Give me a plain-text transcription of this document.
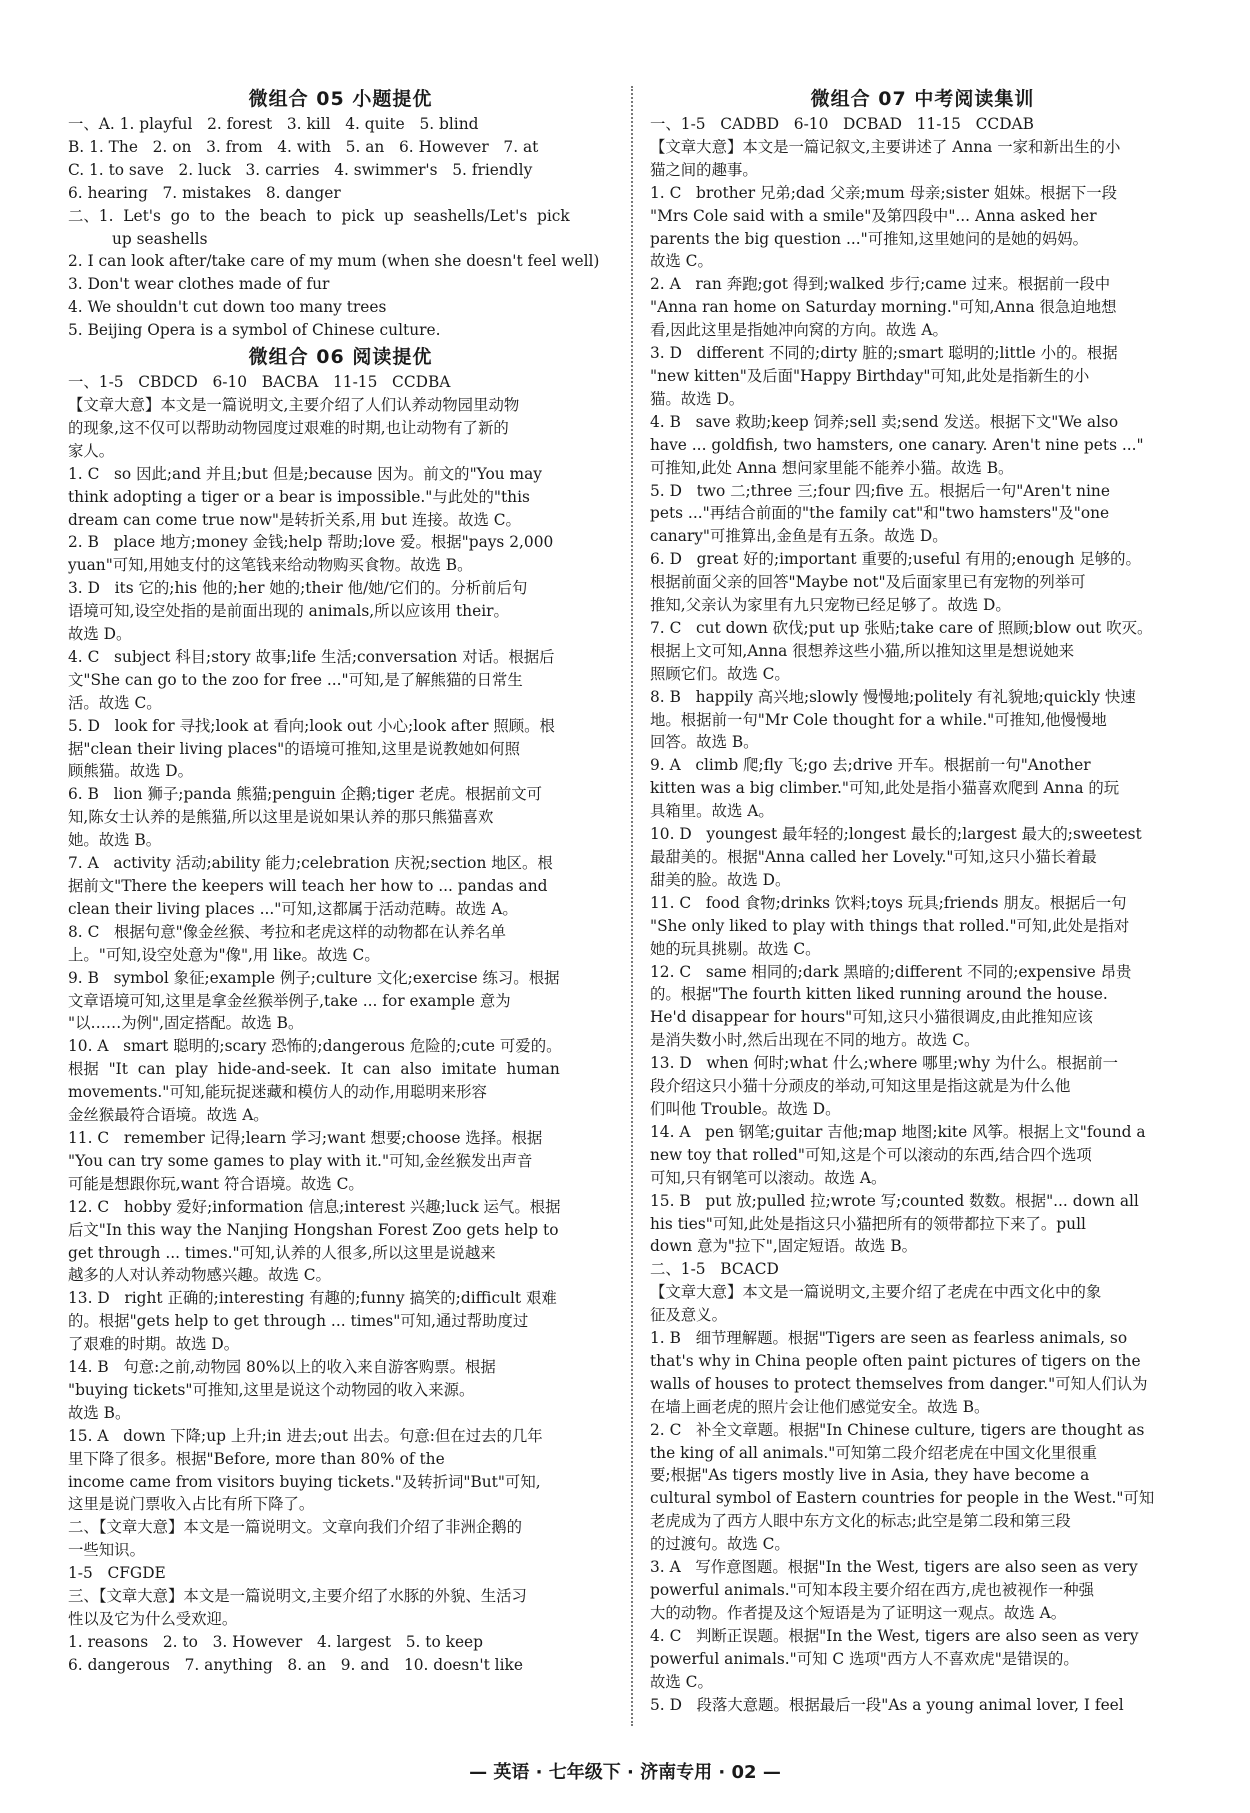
微组合 05 小题提优
一、A. 1. playful   2. forest   3. kill   4. quite   5. blind
B. 1. The   2. on   3. from   4. with   5. an   6. However   7. at
C. 1. to save   2. luck   3. carries   4. swimmer's   5. friendly
6. hearing   7. mistakes   8. danger
二、1.  Let's  go  to  the  beach  to  pick  up  seashells/Let's  pick
up seashells
2. I can look after/take care of my mum (when she doesn't feel well)
3. Don't wear clothes made of fur
4. We shouldn't cut down too many trees
5. Beijing Opera is a symbol of Chinese culture.
微组合 06 阅读提优
一、1-5   CBDCD   6-10   BACBA   11-15   CCDBA
【文章大意】本文是一篇说明文,主要介绍了人们认养动物园里动物
的现象,这不仅可以帮助动物园度过艰难的时期,也让动物有了新的
家人。
1. C   so 因此;and 并且;but 但是;because 因为。前文的"You may
think adopting a tiger or a bear is impossible."与此处的"this
dream can come true now"是转折关系,用 but 连接。故选 C。
2. B   place 地方;money 金钱;help 帮助;love 爱。根据"pays 2,000
yuan"可知,用她支付的这笔钱来给动物购买食物。故选 B。
3. D   its 它的;his 他的;her 她的;their 他/她/它们的。分析前后句
语境可知,设空处指的是前面出现的 animals,所以应该用 their。
故选 D。
4. C   subject 科目;story 故事;life 生活;conversation 对话。根据后
文"She can go to the zoo for free ..."可知,是了解熊猫的日常生
活。故选 C。
5. D   look for 寻找;look at 看向;look out 小心;look after 照顾。根
据"clean their living places"的语境可推知,这里是说教她如何照
顾熊猫。故选 D。
6. B   lion 狮子;panda 熊猫;penguin 企鹅;tiger 老虎。根据前文可
知,陈女士认养的是熊猫,所以这里是说如果认养的那只熊猫喜欢
她。故选 B。
7. A   activity 活动;ability 能力;celebration 庆祝;section 地区。根
据前文"There the keepers will teach her how to ... pandas and
clean their living places ..."可知,这都属于活动范畴。故选 A。
8. C   根据句意"像金丝猴、考拉和老虎这样的动物都在认养名单
上。"可知,设空处意为"像",用 like。故选 C。
9. B   symbol 象征;example 例子;culture 文化;exercise 练习。根据
文章语境可知,这里是拿金丝猴举例子,take ... for example 意为
"以……为例",固定搭配。故选 B。
10. A   smart 聪明的;scary 恐怖的;dangerous 危险的;cute 可爱的。
根据  "It  can  play  hide-and-seek.  It  can  also  imitate  human
movements."可知,能玩捉迷藏和模仿人的动作,用聪明来形容
金丝猴最符合语境。故选 A。
11. C   remember 记得;learn 学习;want 想要;choose 选择。根据
"You can try some games to play with it."可知,金丝猴发出声音
可能是想跟你玩,want 符合语境。故选 C。
12. C   hobby 爱好;information 信息;interest 兴趣;luck 运气。根据
后文"In this way the Nanjing Hongshan Forest Zoo gets help to
get through ... times."可知,认养的人很多,所以这里是说越来
越多的人对认养动物感兴趣。故选 C。
13. D   right 正确的;interesting 有趣的;funny 搞笑的;difficult 艰难
的。根据"gets help to get through ... times"可知,通过帮助度过
了艰难的时期。故选 D。
14. B   句意:之前,动物园 80%以上的收入来自游客购票。根据
"buying tickets"可推知,这里是说这个动物园的收入来源。
故选 B。
15. A   down 下降;up 上升;in 进去;out 出去。句意:但在过去的几年
里下降了很多。根据"Before, more than 80% of the
income came from visitors buying tickets."及转折词"But"可知,
这里是说门票收入占比有所下降了。
二、【文章大意】本文是一篇说明文。文章向我们介绍了非洲企鹅的
一些知识。
1-5   CFGDE
三、【文章大意】本文是一篇说明文,主要介绍了水豚的外貌、生活习
性以及它为什么受欢迎。
1. reasons   2. to   3. However   4. largest   5. to keep
6. dangerous   7. anything   8. an   9. and   10. doesn't like
微组合 07 中考阅读集训
一、1-5   CADBD   6-10   DCBAD   11-15   CCDAB
【文章大意】本文是一篇记叙文,主要讲述了 Anna 一家和新出生的小
猫之间的趣事。
1. C   brother 兄弟;dad 父亲;mum 母亲;sister 姐妹。根据下一段
"Mrs Cole said with a smile"及第四段中"... Anna asked her
parents the big question ..."可推知,这里她问的是她的妈妈。
故选 C。
2. A   ran 奔跑;got 得到;walked 步行;came 过来。根据前一段中
"Anna ran home on Saturday morning."可知,Anna 很急迫地想
看,因此这里是指她冲向窝的方向。故选 A。
3. D   different 不同的;dirty 脏的;smart 聪明的;little 小的。根据
"new kitten"及后面"Happy Birthday"可知,此处是指新生的小
猫。故选 D。
4. B   save 救助;keep 饲养;sell 卖;send 发送。根据下文"We also
have ... goldfish, two hamsters, one canary. Aren't nine pets ..."
可推知,此处 Anna 想问家里能不能养小猫。故选 B。
5. D   two 二;three 三;four 四;five 五。根据后一句"Aren't nine
pets ..."再结合前面的"the family cat"和"two hamsters"及"one
canary"可推算出,金鱼是有五条。故选 D。
6. D   great 好的;important 重要的;useful 有用的;enough 足够的。
根据前面父亲的回答"Maybe not"及后面家里已有宠物的列举可
推知,父亲认为家里有九只宠物已经足够了。故选 D。
7. C   cut down 砍伐;put up 张贴;take care of 照顾;blow out 吹灭。
根据上文可知,Anna 很想养这些小猫,所以推知这里是想说她来
照顾它们。故选 C。
8. B   happily 高兴地;slowly 慢慢地;politely 有礼貌地;quickly 快速
地。根据前一句"Mr Cole thought for a while."可推知,他慢慢地
回答。故选 B。
9. A   climb 爬;fly 飞;go 去;drive 开车。根据前一句"Another
kitten was a big climber."可知,此处是指小猫喜欢爬到 Anna 的玩
具箱里。故选 A。
10. D   youngest 最年轻的;longest 最长的;largest 最大的;sweetest
最甜美的。根据"Anna called her Lovely."可知,这只小猫长着最
甜美的脸。故选 D。
11. C   food 食物;drinks 饮料;toys 玩具;friends 朋友。根据后一句
"She only liked to play with things that rolled."可知,此处是指对
她的玩具挑剔。故选 C。
12. C   same 相同的;dark 黑暗的;different 不同的;expensive 昂贵
的。根据"The fourth kitten liked running around the house.
He'd disappear for hours"可知,这只小猫很调皮,由此推知应该
是消失数小时,然后出现在不同的地方。故选 C。
13. D   when 何时;what 什么;where 哪里;why 为什么。根据前一
段介绍这只小猫十分顽皮的举动,可知这里是指这就是为什么他
们叫他 Trouble。故选 D。
14. A   pen 钢笔;guitar 吉他;map 地图;kite 风筝。根据上文"found a
new toy that rolled"可知,这是个可以滚动的东西,结合四个选项
可知,只有钢笔可以滚动。故选 A。
15. B   put 放;pulled 拉;wrote 写;counted 数数。根据"... down all
his ties"可知,此处是指这只小猫把所有的领带都拉下来了。pull
down 意为"拉下",固定短语。故选 B。
二、1-5   BCACD
【文章大意】本文是一篇说明文,主要介绍了老虎在中西文化中的象
征及意义。
1. B   细节理解题。根据"Tigers are seen as fearless animals, so
that's why in China people often paint pictures of tigers on the
walls of houses to protect themselves from danger."可知人们认为
在墙上画老虎的照片会让他们感觉安全。故选 B。
2. C   补全文章题。根据"In Chinese culture, tigers are thought as
the king of all animals."可知第二段介绍老虎在中国文化里很重
要;根据"As tigers mostly live in Asia, they have become a
cultural symbol of Eastern countries for people in the West."可知
老虎成为了西方人眼中东方文化的标志;此空是第二段和第三段
的过渡句。故选 C。
3. A   写作意图题。根据"In the West, tigers are also seen as very
powerful animals."可知本段主要介绍在西方,虎也被视作一种强
大的动物。作者提及这个短语是为了证明这一观点。故选 A。
4. C   判断正误题。根据"In the West, tigers are also seen as very
powerful animals."可知 C 选项"西方人不喜欢虎"是错误的。
故选 C。
5. D   段落大意题。根据最后一段"As a young animal lover, I feel
— 英语 · 七年级下 · 济南专用 · 02 —
